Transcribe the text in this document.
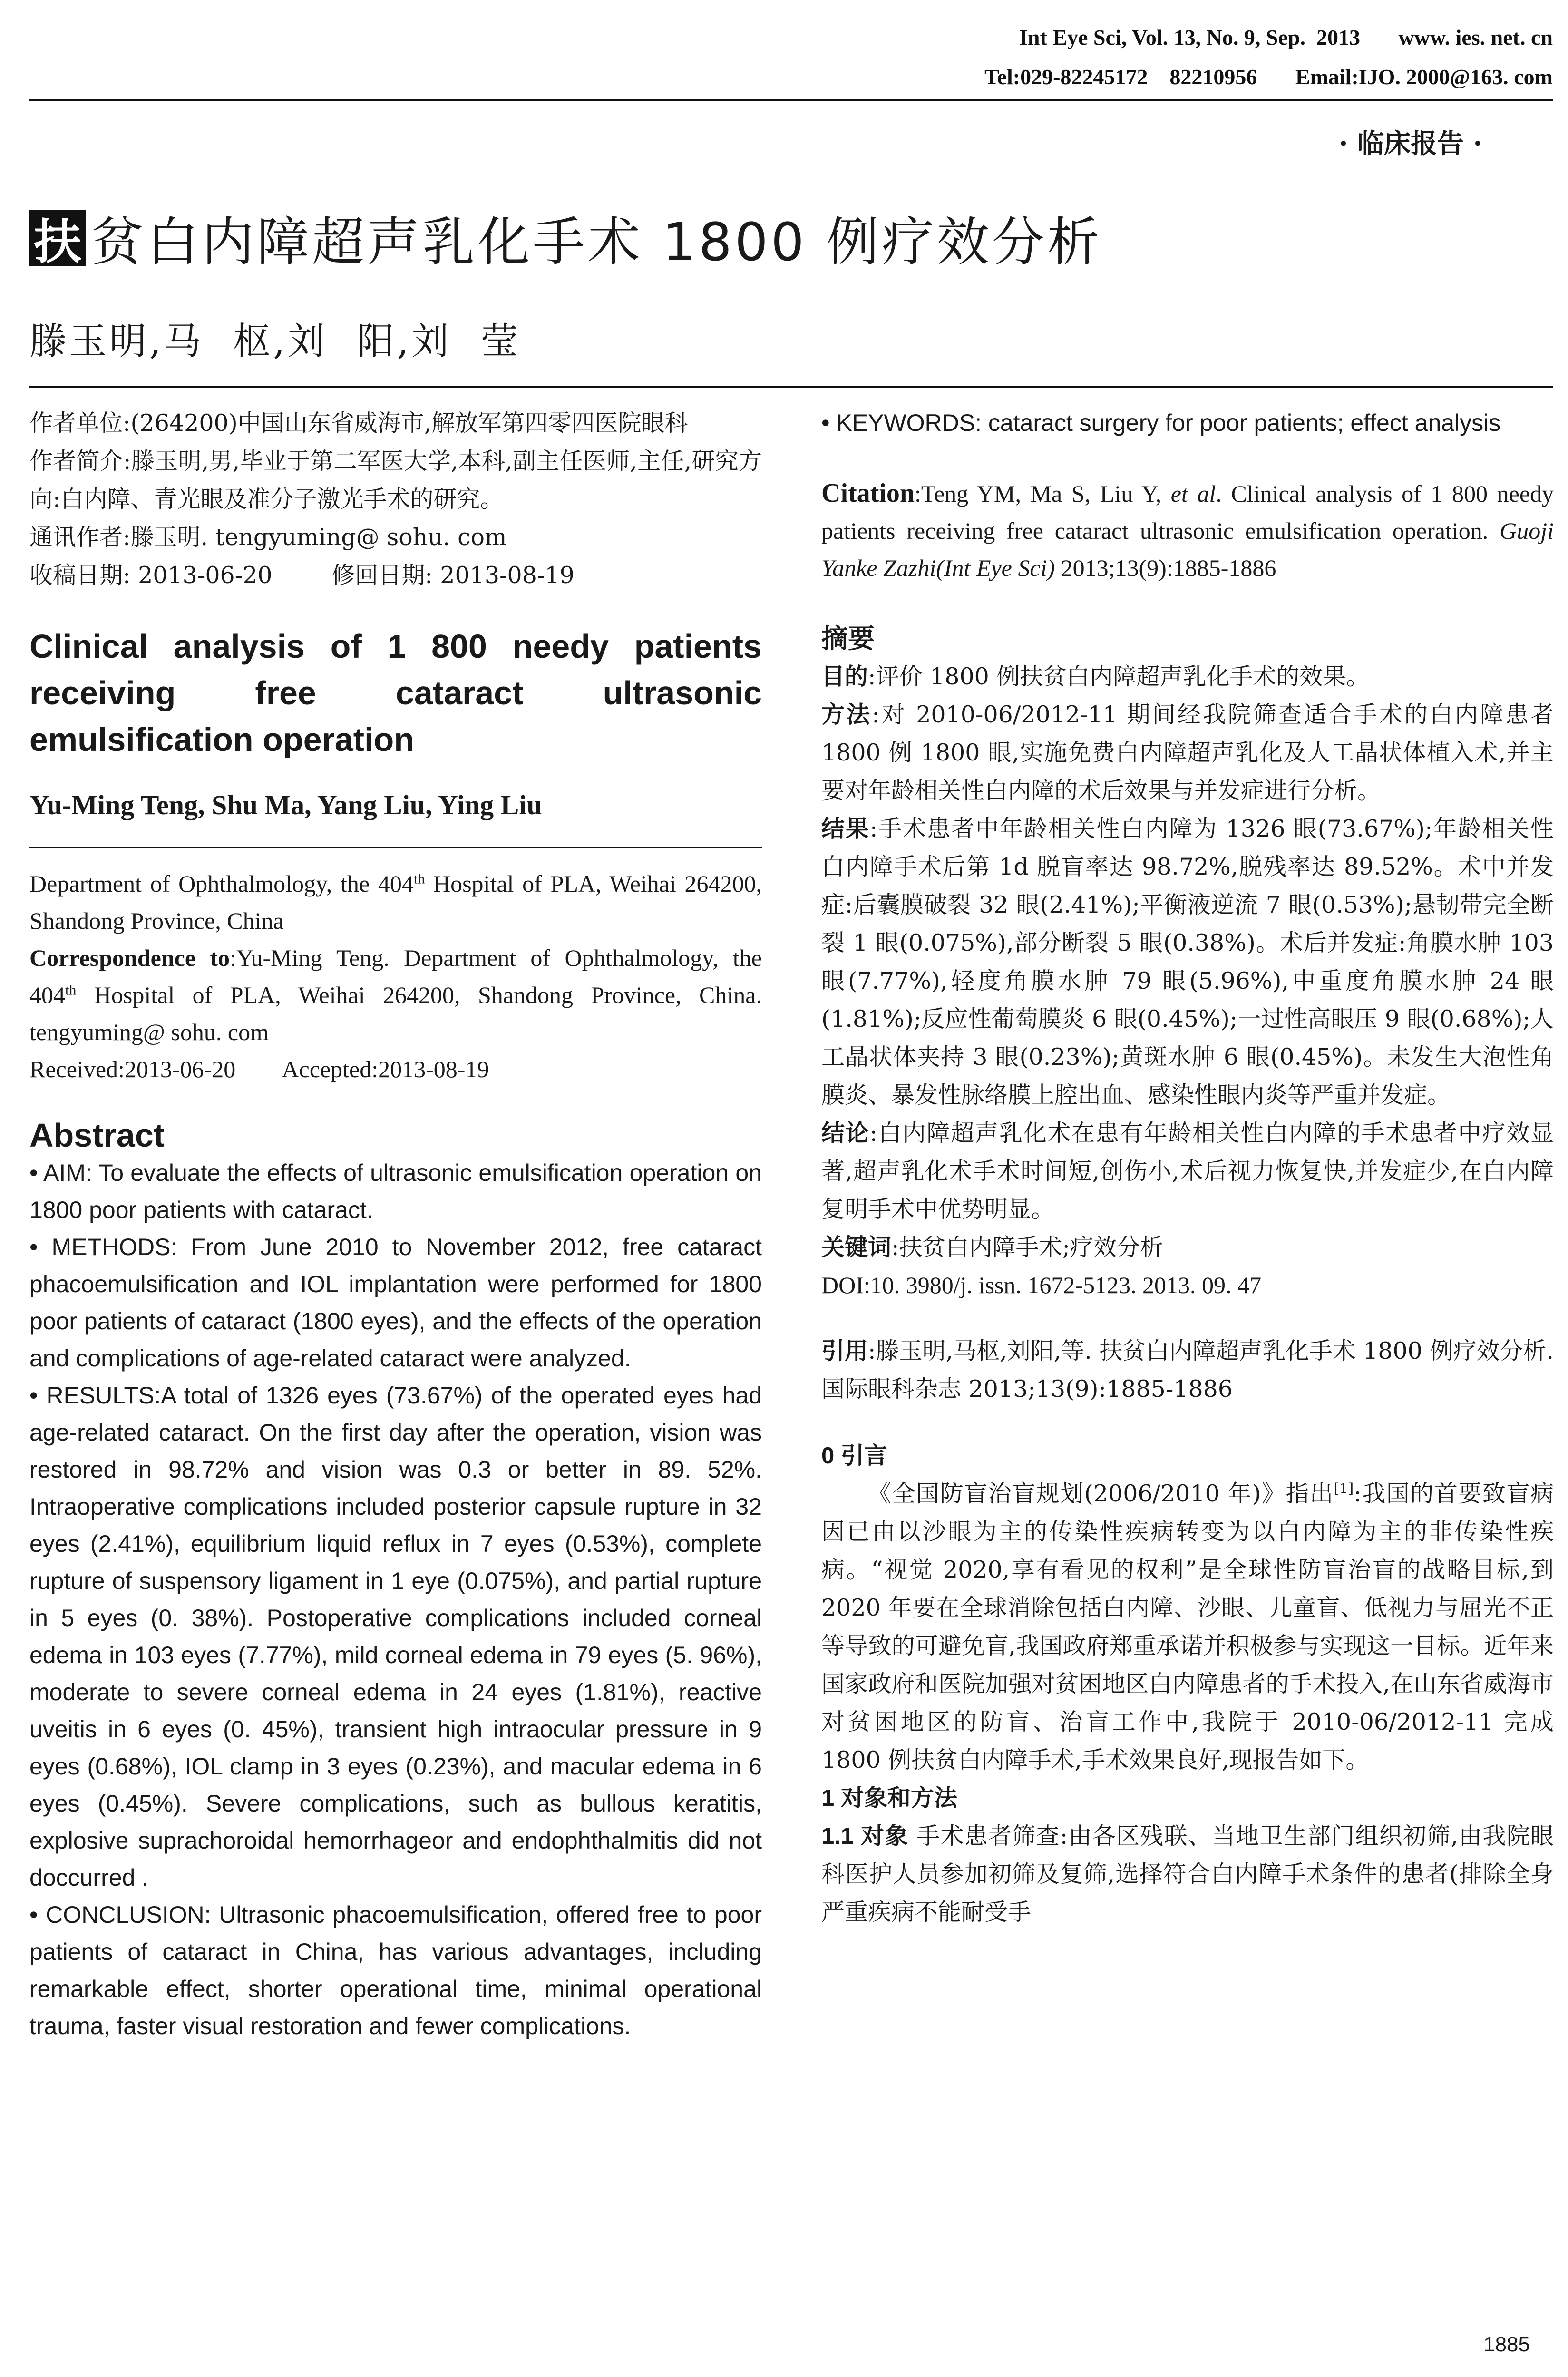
Int Eye Sci, Vol. 13, No. 9, Sep.  2013       www. ies. net. cn
Tel:029-82245172    82210956       Email:IJO. 2000@163. com
· 临床报告 ·
扶 贫白内障超声乳化手术 1800 例疗效分析
滕玉明,马  枢,刘  阳,刘  莹

作者单位:(264200)中国山东省威海市,解放军第四零四医院眼科

作者简介:滕玉明,男,毕业于第二军医大学,本科,副主任医师,主任,研究方向:白内障、青光眼及准分子激光手术的研究。

通讯作者:滕玉明. tengyuming@ sohu. com

收稿日期: 2013-06-20        修回日期: 2013-08-19

Clinical analysis of 1 800 needy patients receiving free cataract ultrasonic emulsification operation

Yu-Ming Teng, Shu Ma, Yang Liu, Ying Liu

Department of Ophthalmology, the 404th Hospital of PLA, Weihai 264200, Shandong Province, China

Correspondence to:Yu-Ming Teng. Department of Ophthalmology, the 404th Hospital of PLA, Weihai 264200, Shandong Province, China. tengyuming@ sohu. com

Received:2013-06-20        Accepted:2013-08-19

Abstract

• AIM: To evaluate the effects of ultrasonic emulsification operation on 1800 poor patients with cataract.

• METHODS: From June 2010 to November 2012, free cataract phacoemulsification and IOL implantation were performed for 1800 poor patients of cataract (1800 eyes), and the effects of the operation and complications of age-related cataract were analyzed.

• RESULTS:A total of 1326 eyes (73.67%) of the operated eyes had age-related cataract. On the first day after the operation, vision was restored in 98.72% and vision was 0.3 or better in 89. 52%. Intraoperative complications included posterior capsule rupture in 32 eyes (2.41%), equilibrium liquid reflux in 7 eyes (0.53%), complete rupture of suspensory ligament in 1 eye (0.075%), and partial rupture in 5 eyes (0. 38%). Postoperative complications included corneal edema in 103 eyes (7.77%), mild corneal edema in 79 eyes (5. 96%), moderate to severe corneal edema in 24 eyes (1.81%), reactive uveitis in 6 eyes (0. 45%), transient high intraocular pressure in 9 eyes (0.68%), IOL clamp in 3 eyes (0.23%), and macular edema in 6 eyes (0.45%). Severe complications, such as bullous keratitis, explosive suprachoroidal hemorrhageor and endophthalmitis did not doccurred .

• CONCLUSION: Ultrasonic phacoemulsification, offered free to poor patients of cataract in China, has various advantages, including remarkable effect, shorter operational time, minimal operational trauma, faster visual restoration and fewer complications.

• KEYWORDS: cataract surgery for poor patients; effect analysis

Citation:Teng YM, Ma S, Liu Y, et al. Clinical analysis of 1 800 needy patients receiving free cataract ultrasonic emulsification operation. Guoji Yanke Zazhi(Int Eye Sci) 2013;13(9):1885-1886

摘要

目的:评价 1800 例扶贫白内障超声乳化手术的效果。

方法:对 2010-06/2012-11 期间经我院筛查适合手术的白内障患者 1800 例 1800 眼,实施免费白内障超声乳化及人工晶状体植入术,并主要对年龄相关性白内障的术后效果与并发症进行分析。

结果:手术患者中年龄相关性白内障为 1326 眼(73.67%);年龄相关性白内障手术后第 1d 脱盲率达 98.72%,脱残率达 89.52%。术中并发症:后囊膜破裂 32 眼(2.41%);平衡液逆流 7 眼(0.53%);悬韧带完全断裂 1 眼(0.075%),部分断裂 5 眼(0.38%)。术后并发症:角膜水肿 103 眼(7.77%),轻度角膜水肿 79 眼(5.96%),中重度角膜水肿 24 眼(1.81%);反应性葡萄膜炎 6 眼(0.45%);一过性高眼压 9 眼(0.68%);人工晶状体夹持 3 眼(0.23%);黄斑水肿 6 眼(0.45%)。未发生大泡性角膜炎、暴发性脉络膜上腔出血、感染性眼内炎等严重并发症。

结论:白内障超声乳化术在患有年龄相关性白内障的手术患者中疗效显著,超声乳化术手术时间短,创伤小,术后视力恢复快,并发症少,在白内障复明手术中优势明显。

关键词:扶贫白内障手术;疗效分析

DOI:10. 3980/j. issn. 1672-5123. 2013. 09. 47

引用:滕玉明,马枢,刘阳,等. 扶贫白内障超声乳化手术 1800 例疗效分析. 国际眼科杂志 2013;13(9):1885-1886

0 引言

《全国防盲治盲规划(2006/2010 年)》指出[1]:我国的首要致盲病因已由以沙眼为主的传染性疾病转变为以白内障为主的非传染性疾病。“视觉 2020,享有看见的权利”是全球性防盲治盲的战略目标,到 2020 年要在全球消除包括白内障、沙眼、儿童盲、低视力与屈光不正等导致的可避免盲,我国政府郑重承诺并积极参与实现这一目标。近年来国家政府和医院加强对贫困地区白内障患者的手术投入,在山东省威海市对贫困地区的防盲、治盲工作中,我院于 2010-06/2012-11 完成 1800 例扶贫白内障手术,手术效果良好,现报告如下。

1 对象和方法

1.1 对象 手术患者筛查:由各区残联、当地卫生部门组织初筛,由我院眼科医护人员参加初筛及复筛,选择符合白内障手术条件的患者(排除全身严重疾病不能耐受手

1885
